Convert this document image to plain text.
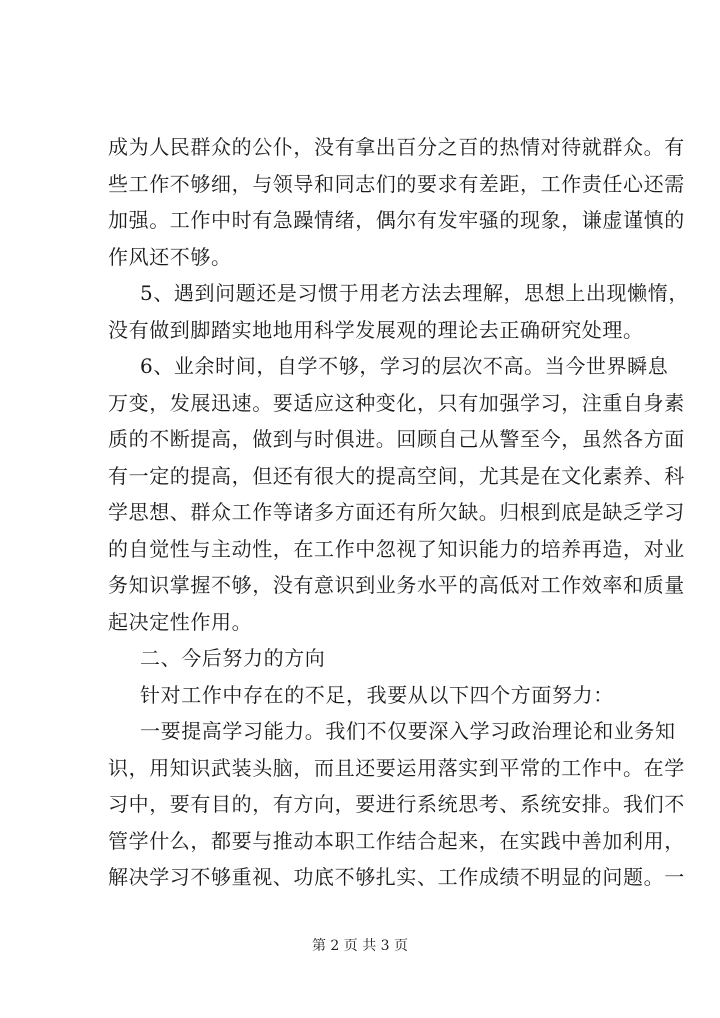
成为人民群众的公仆，没有拿出百分之百的热情对待就群众。有
些工作不够细，与领导和同志们的要求有差距，工作责任心还需
加强。工作中时有急躁情绪，偶尔有发牢骚的现象，谦虚谨慎的
作风还不够。
5、遇到问题还是习惯于用老方法去理解，思想上出现懒惰，
没有做到脚踏实地地用科学发展观的理论去正确研究处理。
6、业余时间，自学不够，学习的层次不高。当今世界瞬息
万变，发展迅速。要适应这种变化，只有加强学习，注重自身素
质的不断提高，做到与时俱进。回顾自己从警至今，虽然各方面
有一定的提高，但还有很大的提高空间，尤其是在文化素养、科
学思想、群众工作等诸多方面还有所欠缺。归根到底是缺乏学习
的自觉性与主动性，在工作中忽视了知识能力的培养再造，对业
务知识掌握不够，没有意识到业务水平的高低对工作效率和质量
起决定性作用。
二、今后努力的方向
针对工作中存在的不足，我要从以下四个方面努力：
一要提高学习能力。我们不仅要深入学习政治理论和业务知
识，用知识武装头脑，而且还要运用落实到平常的工作中。在学
习中，要有目的，有方向，要进行系统思考、系统安排。我们不
管学什么，都要与推动本职工作结合起来，在实践中善加利用，
解决学习不够重视、功底不够扎实、工作成绩不明显的问题。一
第 2 页 共 3 页
